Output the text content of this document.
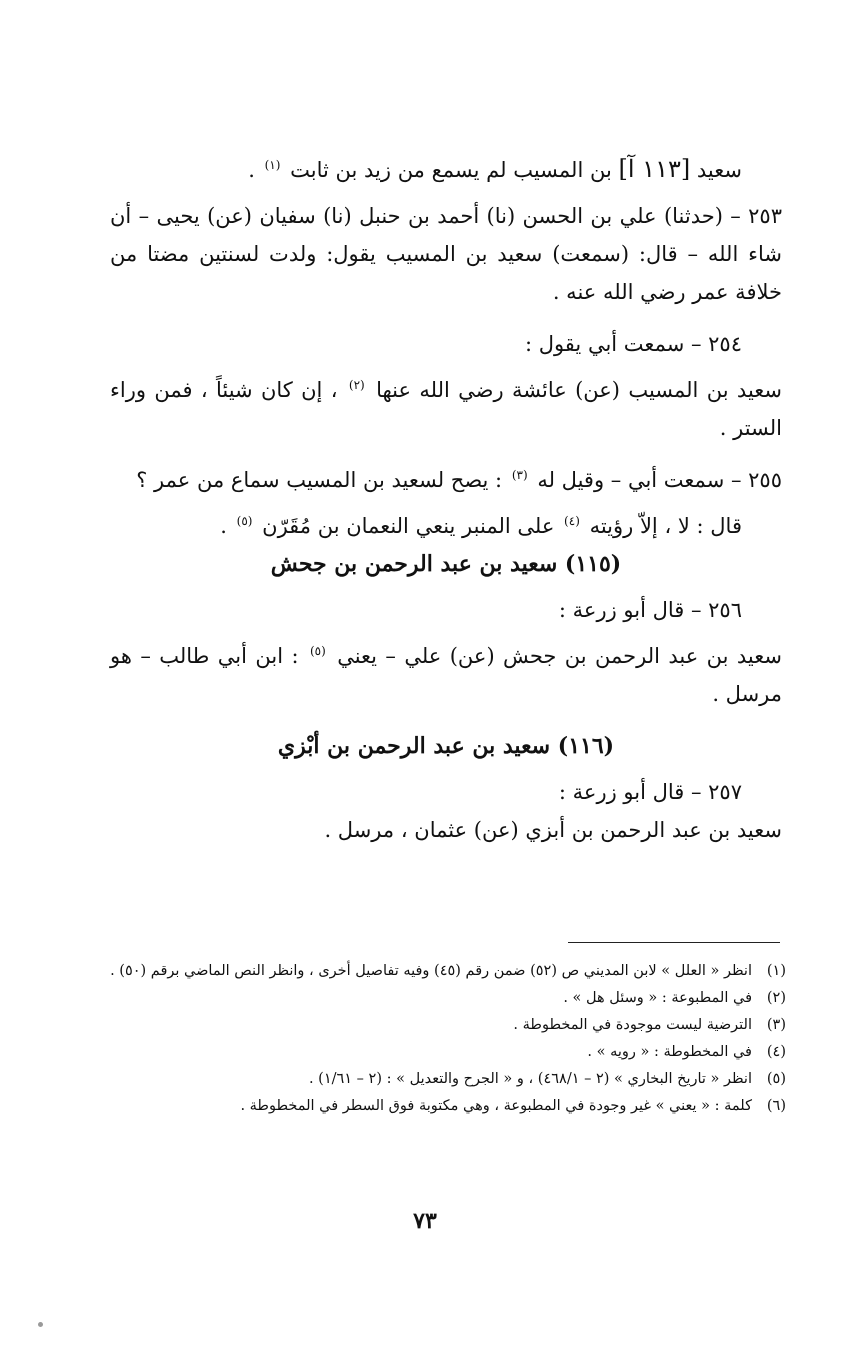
سعيد [١١٣ آ] بن المسيب لم يسمع من زيد بن ثابت $^{(١)}$ .

٢٥٣ – (حدثنا) علي بن الحسن (نا) أحمد بن حنبل (نا) سفيان (عن) يحيى – أن شاء الله – قال: (سمعت) سعيد بن المسيب يقول: ولدت لسنتين مضتا من خلافة عمر رضي الله عنه .

٢٥٤ – سمعت أبي يقول :

سعيد بن المسيب (عن) عائشة رضي الله عنها $^{(٢)}$ ، إن كان شيئاً ، فمن وراء الستر .

٢٥٥ – سمعت أبي – وقيل له $^{(٣)}$ : يصح لسعيد بن المسيب سماع من عمر ؟

قال : لا ، إلاّ رؤيته $^{(٤)}$ على المنبر ينعي النعمان بن مُقَرّن $^{(٥)}$ .

(١١٥) سعيد بن عبد الرحمن بن جحش

٢٥٦ – قال أبو زرعة :

سعيد بن عبد الرحمن بن جحش (عن) علي – يعني $^{(٥)}$ : ابن أبي طالب – هو مرسل .

(١١٦) سعيد بن عبد الرحمن بن أبْزي

٢٥٧ – قال أبو زرعة :

سعيد بن عبد الرحمن بن أبزي (عن) عثمان ، مرسل .

(١)
انظر « العلل » لابن المديني ص (٥٢) ضمن رقم (٤٥) وفيه تفاصيل أخرى ، وانظر النص الماضي برقم (٥٠) .
(٢)
في المطبوعة : « وسئل هل » .
(٣)
الترضية ليست موجودة في المخطوطة .
(٤)
في المخطوطة : « رويه » .
(٥)
انظر « تاريخ البخاري » (٢ – ٤٦٨/١) ، و « الجرح والتعديل » : (٢ – ١/٦١) .
(٦)
كلمة : « يعني » غير وجودة في المطبوعة ، وهي مكتوبة فوق السطر في المخطوطة .
٧٣
